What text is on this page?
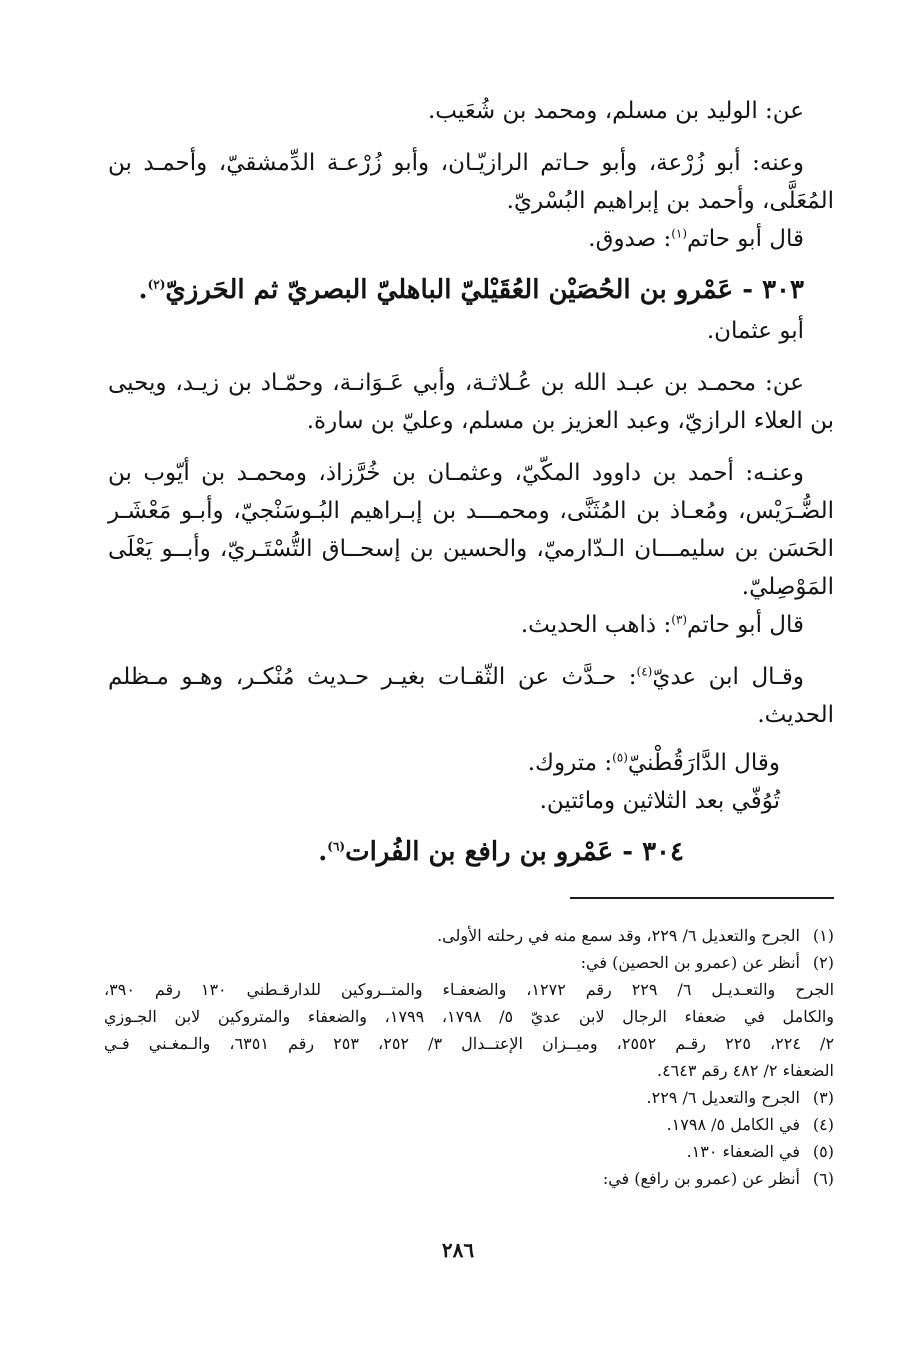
عن: الوليد بن مسلم، ومحمد بن شُعَيب.

وعنه: أبو زُرْعة، وأبو حـاتم الرازيّـان، وأبو زُرْعـة الدِّمشقيّ، وأحمـد بن المُعَلَّى، وأحمد بن إبراهيم البُسْريّ.

قال أبو حاتم$^{(١)}$: صدوق.

٣٠٣ - عَمْرو بن الحُصَيْن العُقَيْليّ الباهليّ البصريّ ثم الحَرزيّ$^{(٢)}$.

أبو عثمان.

عن: محمـد بن عبـد الله بن عُـلاثـة، وأبي عَـوَانـة، وحمّـاد بن زيـد، ويحيى بن العلاء الرازيّ، وعبد العزيز بن مسلم، وعليّ بن سارة.

وعنـه: أحمد بن داوود المكّيّ، وعثمـان بن خُرَّزاذ، ومحمـد بن أيّوب بن الضُّـرَيْس، ومُعـاذ بن المُثَنَّى، ومحمـــد بن إبـراهيم البُـوسَنْجيّ، وأبـو مَعْشَـر الحَسَن بن سليمـــان الـدّارميّ، والحسين بن إسحــاق التُّسْتَـريّ، وأبــو يَعْلَى المَوْصِليّ.

قال أبو حاتم$^{(٣)}$: ذاهب الحديث.

وقـال ابن عديّ$^{(٤)}$: حـدَّث عن الثّقـات بغيـر حـديث مُنْكـر، وهـو مـظلم الحديث.

وقال الدَّارَقُطْنيّ$^{(٥)}$: متروك.

تُوُفّي بعد الثلاثين ومائتين.

٣٠٤ - عَمْرو بن رافع بن الفُرات$^{(٦)}$.

(١)
الجرح والتعديل ٦/ ٢٢٩، وقد سمع منه في رحلته الأولى.
(٢)
أنظر عن (عمرو بن الحصين) في:

الجرح والتعـديـل ٦/ ٢٢٩ رقم ١٢٧٢، والضعفـاء والمتــروكين للدارقـطني ١٣٠ رقم ٣٩٠،

والكامل في ضعفاء الرجال لابن عديّ ٥/ ١٧٩٨، ١٧٩٩، والضعفاء والمتروكين لابن الجـوزي

٢/ ٢٢٤، ٢٢٥ رقـم ٢٥٥٢، وميــزان الإعتــدال ٣/ ٢٥٢، ٢٥٣ رقم ٦٣٥١، والـمغـني فـي

الضعفاء ٢/ ٤٨٢ رقم ٤٦٤٣.

(٣)
الجرح والتعديل ٦/ ٢٢٩.
(٤)
في الكامل ٥/ ١٧٩٨.
(٥)
في الضعفاء ١٣٠.
(٦)
أنظر عن (عمرو بن رافع) في:
٢٨٦
